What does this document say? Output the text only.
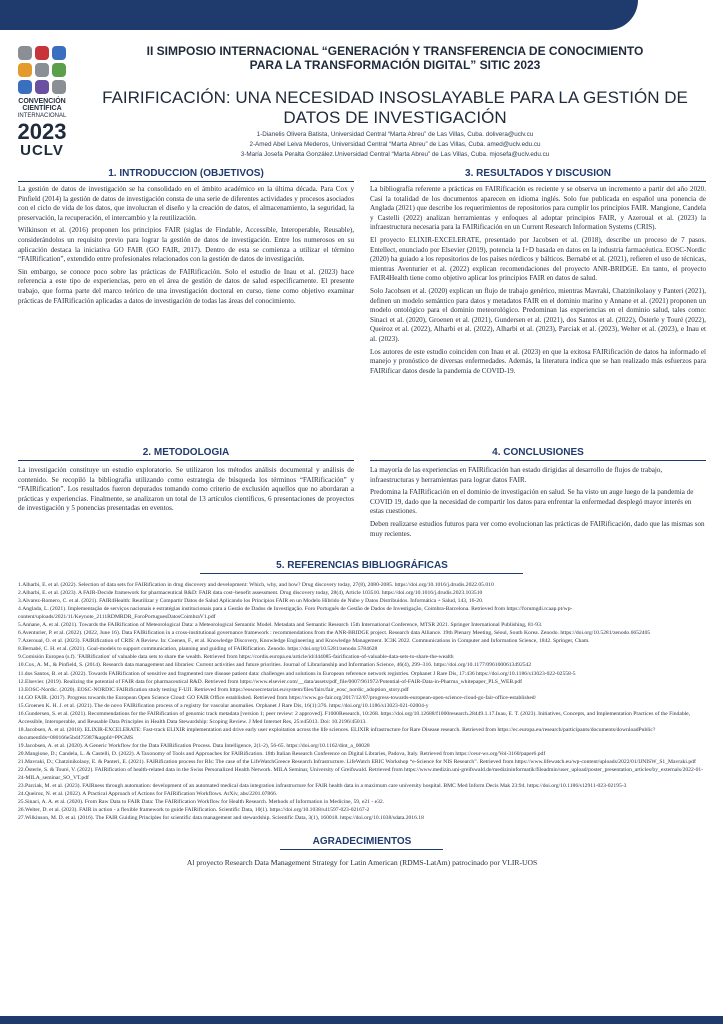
CONVENCIÓN
CIENTÍFICA
INTERNACIONAL
2023
UCLV
II SIMPOSIO INTERNACIONAL “GENERACIÓN Y TRANSFERENCIA DE CONOCIMIENTO
PARA LA TRANSFORMACIÓN DIGITAL” SITIC 2023
FAIRIFICACIÓN: UNA NECESIDAD INSOSLAYABLE PARA LA GESTIÓN DE
DATOS DE INVESTIGACIÓN
1-Dianelis Olivera Batista, Universidad Central “Marta Abreu” de Las Villas, Cuba. dolivera@uclv.cu
2-Amed Abel Leiva Mederos, Universidad Central “Marta Abreu” de Las Villas, Cuba. amed@uclv.edu.cu
3-María Josefa Peralta González.Universidad Central “Marta Abreu” de Las Villas, Cuba. mjosefa@uclv.edu.cu
1. INTRODUCCION (OBJETIVOS)

La gestión de datos de investigación se ha consolidado en el ámbito académico en la última década. Para Cox y Pinfield (2014) la gestión de datos de investigación consta de una serie de diferentes actividades y procesos asociados con el ciclo de vida de los datos, que involucran el diseño y la creación de datos, el almacenamiento, la seguridad, la preservación, la recuperación, el intercambio y la reutilización.

Wilkinson et al. (2016) proponen los principios FAIR (siglas de Findable, Accessible, Interoperable, Reusable), considerándolos un requisito previo para lograr la gestión de datos de investigación. Entre los numerosos en su aplicación destaca la iniciativa GO FAIR (GO FAIR, 2017). Dentro de esta se comienza a utilizar el término “FAIRification”, extendido entre profesionales relacionados con la gestión de datos de investigación.

Sin embargo, se conoce poco sobre las prácticas de FAIRificación. Solo el estudio de Inau et al. (2023) hace referencia a este tipo de experiencias, pero en el área de gestión de datos de salud específicamente. El presente trabajo, que forma parte del marco teórico de una investigación doctoral en curso, tiene como objetivo examinar prácticas de FAIRificación aplicadas a datos de investigación de todas las áreas del conocimiento.

2. METODOLOGIA

La investigación constituye un estudio exploratorio. Se utilizaron los métodos análisis documental y análisis de contenido. Se recopiló la bibliografía utilizando como estrategia de búsqueda los términos “FAIRificación” y “FAIRification”. Los resultados fueron depurados tomando como criterio de exclusión aquellos que no abordaran a prácticas y experiencias. Finalmente, se analizaron un total de 13 artículos científicos, 6 presentaciones de proyectos de investigación y 5 ponencias presentadas en eventos.

3. RESULTADOS Y DISCUSION

La bibliografía referente a prácticas en FAIRificación es reciente y se observa un incremento a partir del año 2020. Casi la totalidad de los documentos aparecen en idioma inglés. Solo fue publicada en español una ponencia de Anglada (2021) que describe los requerimientos de repositorios para cumplir los principios FAIR. Mangione, Candela y Castelli (2022) analizan herramientas y enfoques al adoptar principios FAIR, y Azeroual et al. (2023) la infraestructura necesaria para la FAIRificación en un Current Research Information Systems (CRIS).

El proyecto ELIXIR-EXCELERATE, presentado por Jacobsen et al. (2018), describe un proceso de 7 pasos. Entellect, enunciado por Elsevier (2019), potencia la I+D basada en datos en la industria farmacéutica. EOSC-Nordic (2020) ha guiado a los repositorios de los países nórdicos y bálticos. Bernabé et al. (2021), refieren el uso de técnicas, mientras Aventurier et al. (2022) explican recomendaciones del proyecto ANR-BRIDGE. En tanto, el proyecto FAIR4Health tiene como objetivo aplicar los principios FAIR en datos de salud.

Solo Jacobsen et al. (2020) explican un flujo de trabajo genérico, mientras Mavraki, Chatzinikolaoy y Panteri (2021), definen un modelo semántico para datos y metadatos FAIR en el dominio marino y Annane et al. (2021) proponen un modelo ontológico para el dominio meteorológico. Predominan las experiencias en el dominio salud, tales como: Sinaci et al. (2020), Groenen et al. (2021), Gundersen et al. (2021), dos Santos et al. (2022), Österle y Touré (2022), Queiroz et al. (2022), Alharbi et al. (2022), Alharbi et al. (2023), Parciak et al. (2023), Welter et al. (2023), e Inau et al. (2023).

Los autores de este estudio coinciden con Inau et al. (2023) en que la exitosa FAIRificación de datos ha informado el manejo y pronóstico de diversas enfermedades. Además, la literatura indica que se han realizado más esfuerzos para FAIRificar datos desde la pandemia de COVID-19.

4. CONCLUSIONES

La mayoría de las experiencias en FAIRificación han estado dirigidas al desarrollo de flujos de trabajo, infraestructuras y herramientas para lograr datos FAIR.

Predomina la FAIRificación en el dominio de investigación en salud. Se ha visto un auge luego de la pandemia de COVID 19, dado que la necesidad de compartir los datos para enfrentar la enfermedad desplegó mayor interés en estas cuestiones.

Deben realizarse estudios futuros para ver como evolucionan las prácticas de FAIRificación, dado que las mismas son muy recientes.

5. REFERENCIAS BIBLIOGRÁFICAS
1.Alharbi, E. et al. (2022). Selection of data sets for FAIRification in drug discovery and development: Which, why, and how? Drug discovery today, 27(8), 2080-2085. https://doi.org/10.1016/j.drudis.2022.05.010
2.Alharbi, E. et al. (2023). A FAIR-Decide framework for pharmaceutical R&D: FAIR data cost–benefit assessment. Drug discovery today, 28(4), Article 103510. https://doi.org/10.1016/j.drudis.2023.103510
3.Alvarez-Romero, C. et al. (2021). FAIR4Health: Reutilizar y Compartir Datos de Salud Aplicando los Principios FAIR en un Modelo Híbrido de Nube y Datos Distribuidos. Informática + Salud, 143, 16-20.
4.Anglada, L. (2021). Implementação de serviços nacionais e estratégias institucionais para a Gestão de Dados de Investigação. Foro Português de Gestão de Dados de Investigação, Coimbra-Barcelona. Retrieved from https://forumgdi.rcaap.pt/wp-content/uploads/2021/11/Keynote_2111RDMRDR_ForoPortuguesDatosCoimbraV1.pdf
5.Annane, A. et al. (2021). Towards the FAIRification of Meteorological Data: a Meteorological Semantic Model. Metadata and Semantic Research 15th International Conference, MTSR 2021. Springer International Publishing, 81-93.
6.Aventurier, P. et al. (2022). (2022, June 16). Data FAIRification in a cross-institutional governance framework : recommendations from the ANR-BRIDGE project. Research data Alliance. 19th Plenary Meeting, Séoul, South Korea. Zenodo. https://doi.org/10.5281/zenodo.6652405
7.Azeroual, O. et al. (2023). FAIRification of CRIS: A Review. In: Coenen, F., et al. Knowledge Discovery, Knowledge Engineering and Knowledge Management. IC3K 2022. Communications in Computer and Information Science, 1842. Springer, Cham.
8.Bernabé, C. H. et al. (2021). Goal-models to support communication, planning and guiding of FAIRification. Zenodo. https://doi.org/10.5281/zenodo.5784628
9.Comisión Europea (s.f). 'FAIRification' of valuable data sets to share the wealth. Retrieved from https://cordis.europa.eu/article/id/444085-fairification-of-valuable-data-sets-to-share-the-wealth
10.Cox, A. M., & Pinfield, S. (2014). Research data management and libraries: Current activities and future priorities. Journal of Librarianship and Information Science, 46(4), 299–316. https://doi.org/10.1177/0961000613492542
11.dos Santos, B. et al. (2022). Towards FAIRification of sensitive and fragmented rare disease patient data: challenges and solutions in European reference network registries. Orphanet J Rare Dis, 17:436 https://doi.org/10.1186/s13023-022-02558-5
12.Elsevier. (2019). Realizing the potential of FAIR data for pharmaceutical R&D. Retrieved from https://www.elsevier.com/__data/assets/pdf_file/0007/961972/Potential-of-FAIR-Data-in-Pharma_whitepaper_PLS_WEB.pdf
13.EOSC-Nordic. (2020). EOSC-NORDIC FAIRification study testing F-UJI. Retrieved from https://eoscsecretariat.eu/system/files/fairs/fair_eosc_nordic_adoption_story.pdf
14.GO FAIR. (2017). Progress towards the European Open Science Cloud: GO FAIR Office established. Retrieved from https://www.go-fair.org/2017/12/07/progress-towards-european-open-science-cloud-go-fair-office-established/
15.Groenen K. H. J. et al. (2021). The de novo FAIRification process of a registry for vascular anomalies. Orphanet J Rare Dis, 16(1):376. https://doi.org/10.1186/s13023-021-02004-y
16.Gundersen, S. et al. (2021). Recommendations for the FAIRification of genomic track metadata [version 1; peer review: 2 approved]. F1000Research, 10:268. https://doi.org/10.12688/f1000research.28449.1.17.Inau, E. T. (2023). Initiatives, Concepts, and Implementation Practices of the Findable, Accessible, Interoperable, and Reusable Data Principles in Health Data Stewardship: Scoping Review. J Med Internet Res, 25:e45013. Doi: 10.2196/45013.
18.Jacobsen, A. et al. (2018). ELIXIR-EXCELERATE: Fast-track ELIXIR implementation and drive early user exploitation across the life sciences. ELIXIR infrastructure for Rare Disease research. Retrieved from https://ec.europa.eu/research/participants/documents/downloadPublic?documentIds=080166e5bd475987&appId=PPGMS
19.Jacobsen, A. et al. (2020). A Generic Workflow for the Data FAIRification Process. Data Intelligence, 2(1-2), 56-65. https://doi.org/10.1162/dint_a_00028
20.Mangione, D.; Candela, L. & Castelli, D. (2022). A Taxonomy of Tools and Approaches for FAIRification. 18th Italian Research Conference on Digital Libraries, Padova, Italy. Retrieved from https://ceur-ws.org/Vol-3160/paper6.pdf
21.Mavraki, D.; Chatzinikolaoy, E. & Panteri, E. (2021). FAIRification process for RIs: The case of the LifeWatchGreece Research Infrastructure. LifeWatch ERIC Workshop “e-Science for NIS Research”. Retrieved from https://www.lifewatch.eu/wp-content/uploads/2022/01/IJNISW_S1_Mavraki.pdf
22.Österle, S. & Touré, V. (2022). FAIRification of health-related data in the Swiss Personalized Health Network. MILA Seminar, University of Greifswald. Retrieved from https://www.medizin.uni-greifswald.de/medizininformatik/fileadmin/user_upload/poster_presentation_articles/by_externals/2022-01-24-MILA_seminar_SO_VT.pdf
23.Parciak, M. et al. (2023). FAIRness through automation: development of an automated medical data integration infrastructure for FAIR health data in a maximum care university hospital. BMC Med Inform Decis Mak 23:94. https://doi.org/10.1186/s12911-023-02195-3
24.Queiroz, N. et al. (2022). A Practical Approach of Actions for FAIRification Workflows. ArXiv, abs/2201.07866.
25.Sinaci, A. A. et al. (2020). From Raw Data to FAIR Data: The FAIRification Workflow for Health Research. Methods of Information in Medicine, 59, e21 - e32.
26.Welter, D. et al. (2023). FAIR in action - a flexible framework to guide FAIRification. Scientific Data, 10(1). https://doi.org/10.1038/s41597-023-02167-2
27.Wilkinson, M. D. et al. (2016). The FAIR Guiding Principles for scientific data management and stewardship. Scientific Data, 3(1), 160018. https://doi.org/10.1038/sdata.2016.18
AGRADECIMIENTOS
Al proyecto Research Data Management Strategy for Latin American (RDMS-LatAm) patrocinado por VLIR-UOS
